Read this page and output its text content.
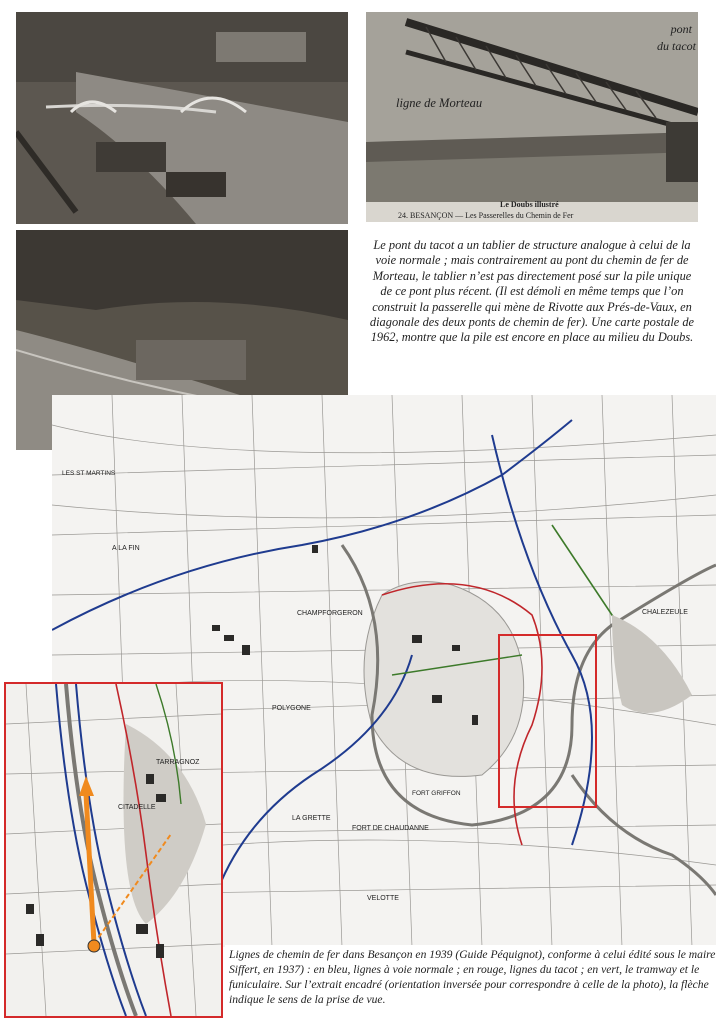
pont
du tacot
ligne de Morteau
Le Doubs illustré
24. BESANÇON — Les Passerelles du Chemin de Fer
Le pont du tacot a un tablier de structure analogue à celui de la voie normale ; mais contrairement au pont du chemin de fer de Morteau, le tablier n’est pas directement posé sur la pile unique de ce pont plus récent. (Il est démoli en même temps que l’on construit la passerelle qui mène de Rivotte aux Prés-de-Vaux, en diagonale des deux ponts de chemin de fer). Une carte postale de 1962, montre que la pile est encore en place au milieu du Doubs.
CHALEZEULE
CHAMPFORGERON
POLYGONE
FORT DE CHAUDANNE
FORT GRIFFON
VELOTTE
LA GRETTE
A LA FIN
LES ST MARTINS
CITADELLE
TARRAGNOZ
Lignes de chemin de fer dans Besançon en 1939 (Guide Péquignot), conforme à celui édité sous le maire Siffert, en 1937) : en bleu, lignes à voie normale ; en rouge, lignes du tacot ; en vert, le tramway et le funiculaire. Sur l’extrait encadré (orientation inversée pour correspondre à celle de la photo), la flèche indique le sens de la prise de vue.
